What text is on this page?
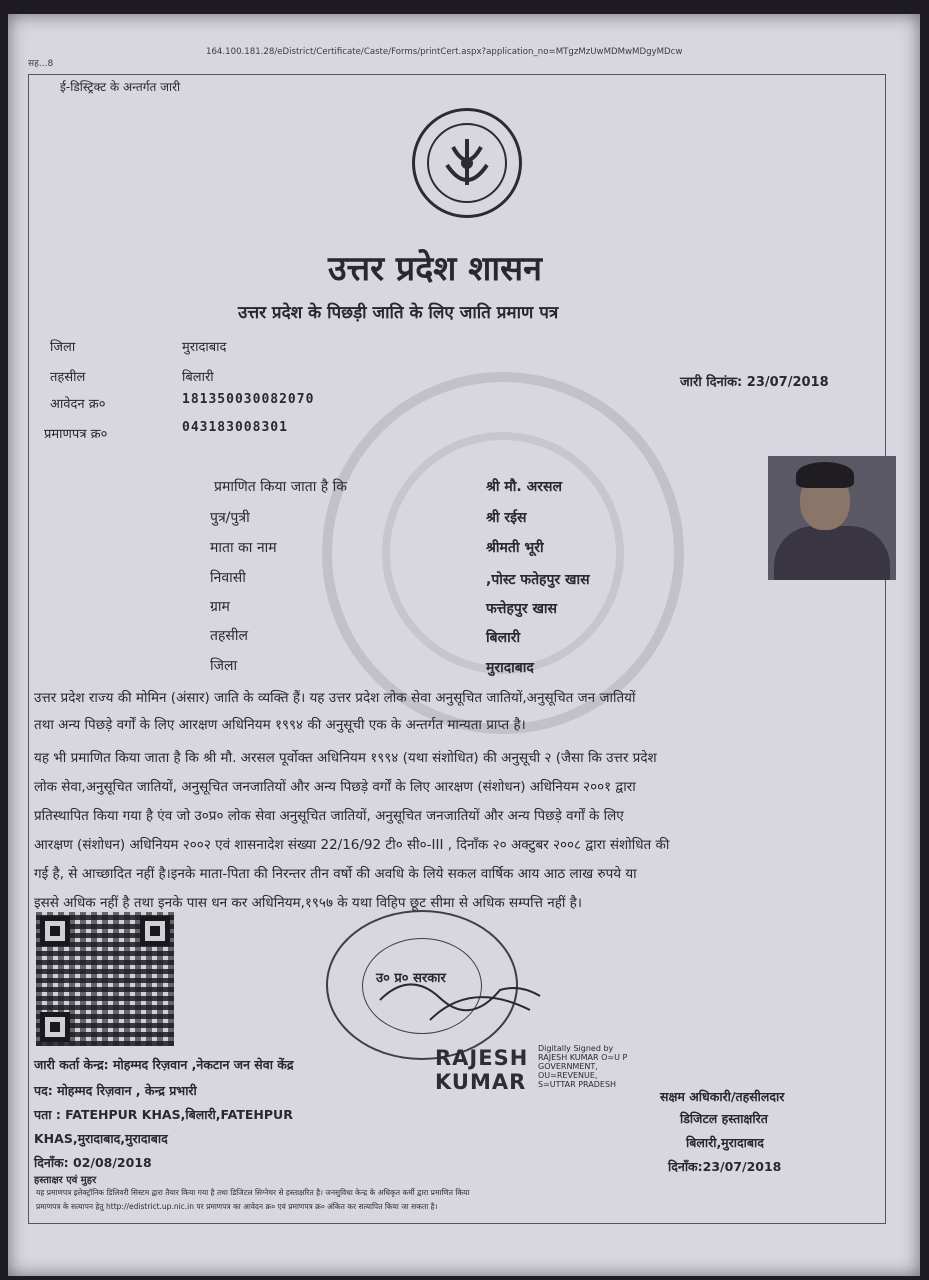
सह...8
164.100.181.28/eDistrict/Certificate/Caste/Forms/printCert.aspx?application_no=MTgzMzUwMDMwMDgyMDcw
ई-डिस्ट्रिक्ट के अन्तर्गत जारी
उत्तर प्रदेश शासन
उत्तर प्रदेश के पिछड़ी जाति के लिए जाति प्रमाण पत्र
जिला	मुरादाबाद
तहसील	बिलारी
आवेदन क्र०	181350030082070
प्रमाणपत्र क्र०	043183008301
जारी दिनांक: 23/07/2018
प्रमाणित किया जाता है कि	श्री मौ. अरसल
पुत्र/पुत्री	श्री रईस
माता का नाम	श्रीमती भूरी
निवासी	,पोस्ट फतेहपुर खास
ग्राम	फत्तेहपुर खास
तहसील	बिलारी
जिला	मुरादाबाद
उत्तर प्रदेश राज्य की मोमिन (अंसार) जाति के व्यक्ति हैं। यह उत्तर प्रदेश लोक सेवा अनुसूचित जातियों,अनुसूचित जन जातियों
तथा अन्य पिछड़े वर्गों के लिए आरक्षण अधिनियम १९९४ की अनुसूची एक के अन्तर्गत मान्यता प्राप्त है।
यह भी प्रमाणित किया जाता है कि श्री मौ. अरसल पूर्वोक्त अधिनियम १९९४ (यथा संशोधित) की अनुसूची २ (जैसा कि उत्तर प्रदेश
लोक सेवा,अनुसूचित जातियों, अनुसूचित जनजातियों और अन्य पिछड़े वर्गों के लिए आरक्षण (संशोधन) अधिनियम २००१ द्वारा
प्रतिस्थापित किया गया है एंव जो उ०प्र० लोक सेवा अनुसूचित जातियों, अनुसूचित जनजातियों और अन्य पिछड़े वर्गों के लिए
आरक्षण (संशोधन) अधिनियम २००२ एवं शासनादेश संख्या 22/16/92 टी० सी०-III , दिनाँक २० अक्टुबर २००८ द्वारा संशोधित की
गई है, से आच्छादित नहीं है।इनके माता-पिता की निरन्तर तीन वर्षो की अवधि के लिये सकल वार्षिक आय आठ लाख रुपये या
इससे अधिक नहीं है तथा इनके पास धन कर अधिनियम,१९५७ के यथा विहिप छूट सीमा से अधिक सम्पत्ति नहीं है।
उ० प्र० सरकार
RAJESH
KUMAR
Digitally Signed by
RAJESH KUMAR O=U P
GOVERNMENT,
OU=REVENUE,
S=UTTAR PRADESH
जारी कर्ता केन्द्र: मोहम्मद रिज़वान ,नेकटान जन सेवा केंद्र
पद: मोहम्मद रिज़वान , केन्द्र प्रभारी
पता : FATEHPUR KHAS,बिलारी,FATEHPUR
KHAS,मुरादाबाद,मुरादाबाद
दिनाँक: 02/08/2018
हस्ताक्षर एवं मुहर
सक्षम अधिकारी/तहसीलदार
डिजिटल हस्ताक्षरित
बिलारी,मुरादाबाद
दिनाँक:23/07/2018
यह प्रमाणपत्र इलेक्ट्रॉनिक डिलिवरी सिस्टम द्वारा तैयार किया गया है तथा डिजिटल सिग्नेचर से हस्ताक्षरित है। जनसुविधा केन्द्र के अधिकृत कर्मी द्वारा प्रमाणित किया
प्रमाणपत्र के सत्यापन हेतु http://edistrict.up.nic.in पर प्रमाणपत्र का आवेदन क्र० एवं प्रमाणपत्र क्र० अंकित कर सत्यापित किया जा सकता है।
